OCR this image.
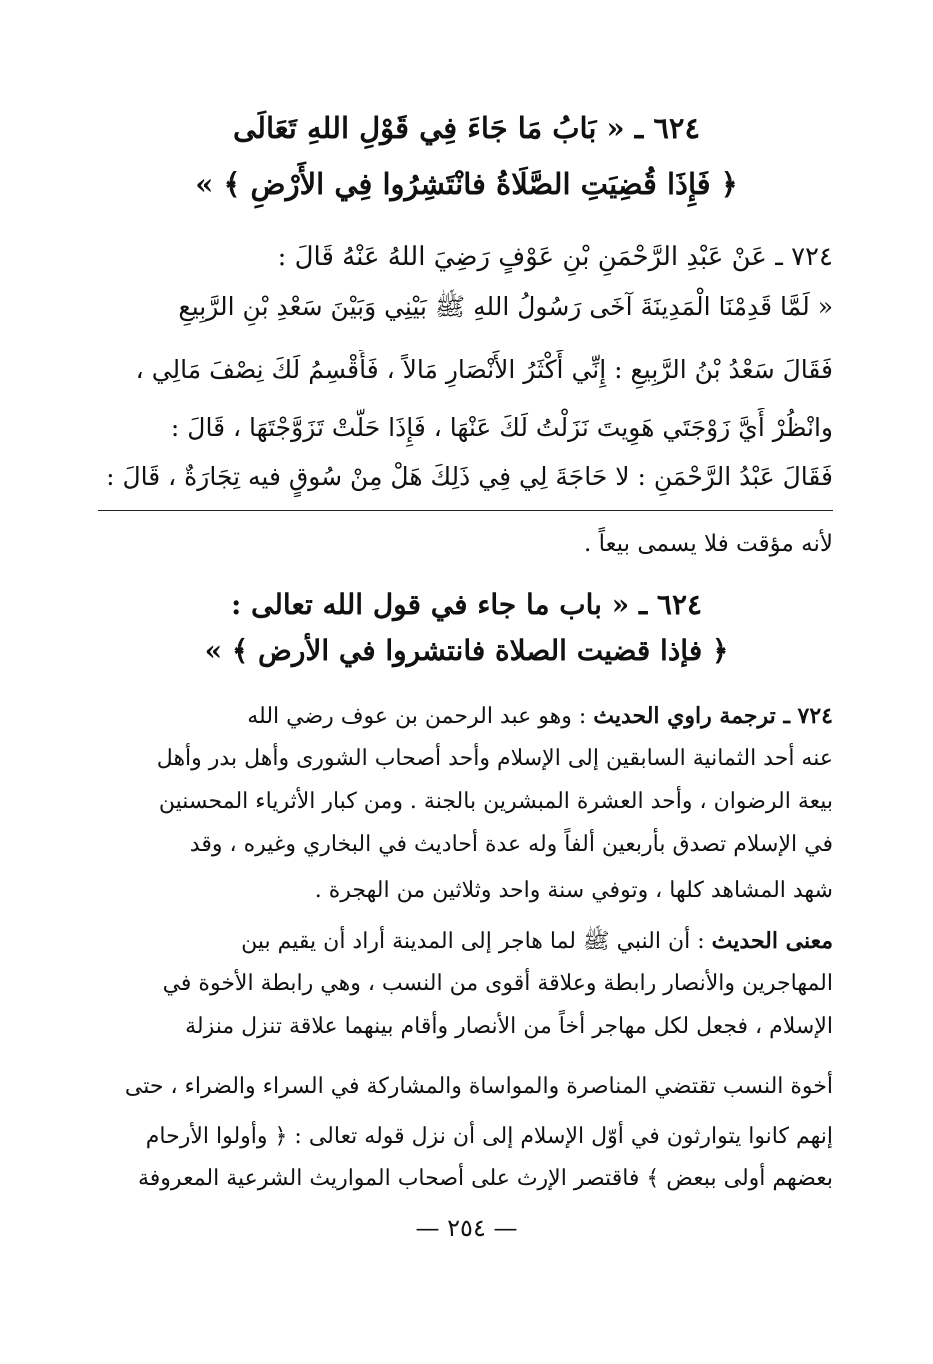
٦٢٤ ـ « بَابُ مَا جَاءَ فِي قَوْلِ اللهِ تَعَالَى
﴿ فَإِذَا قُضِيَتِ الصَّلَاةُ فانْتَشِرُوا فِي الأَرْضِ ﴾ »
٧٢٤ ـ عَنْ عَبْدِ الرَّحْمَنِ بْنِ عَوْفٍ رَضِيَ اللهُ عَنْهُ قَالَ :
« لَمَّا قَدِمْنَا الْمَدِينَةَ آخَى رَسُولُ اللهِ ﷺ بَيْنِي وَبَيْنَ سَعْدِ بْنِ الرَّبِيعِ
فَقَالَ سَعْدُ بْنُ الرَّبِيعِ : إِنِّي أَكْثَرُ الأَنْصَارِ مَالاً ، فَأَقْسِمُ لَكَ نِصْفَ مَالِي ،
وانْظُرْ أَيَّ زَوْجَتَي هَوِيتَ نَزَلْتُ لَكَ عَنْهَا ، فَإِذَا حَلَّتْ تَزَوَّجْتَهَا ، قَالَ :
فَقَالَ عَبْدُ الرَّحْمَنِ : لا حَاجَةَ لِي فِي ذَلِكَ هَلْ مِنْ سُوقٍ فيه تِجَارَةٌ ، قَالَ :
لأنه مؤقت فلا يسمى بيعاً .
٦٢٤ ـ « باب ما جاء في قول الله تعالى :
﴿ فإذا قضيت الصلاة فانتشروا في الأرض ﴾ »
٧٢٤ ـ ترجمة راوي الحديث : وهو عبد الرحمن بن عوف رضي الله
عنه أحد الثمانية السابقين إلى الإسلام وأحد أصحاب الشورى وأهل بدر وأهل
بيعة الرضوان ، وأحد العشرة المبشرين بالجنة . ومن كبار الأثرياء المحسنين
في الإسلام تصدق بأربعين ألفاً وله عدة أحاديث في البخاري وغيره ، وقد
شهد المشاهد كلها ، وتوفي سنة واحد وثلاثين من الهجرة .
معنى الحديث : أن النبي ﷺ لما هاجر إلى المدينة أراد أن يقيم بين
المهاجرين والأنصار رابطة وعلاقة أقوى من النسب ، وهي رابطة الأخوة في
الإسلام ، فجعل لكل مهاجر أخاً من الأنصار وأقام بينهما علاقة تنزل منزلة
أخوة النسب تقتضي المناصرة والمواساة والمشاركة في السراء والضراء ، حتى
إنهم كانوا يتوارثون في أوّل الإسلام إلى أن نزل قوله تعالى : ﴿ وأولوا الأرحام
بعضهم أولى ببعض ﴾ فاقتصر الإرث على أصحاب المواريث الشرعية المعروفة
— ٢٥٤ —
